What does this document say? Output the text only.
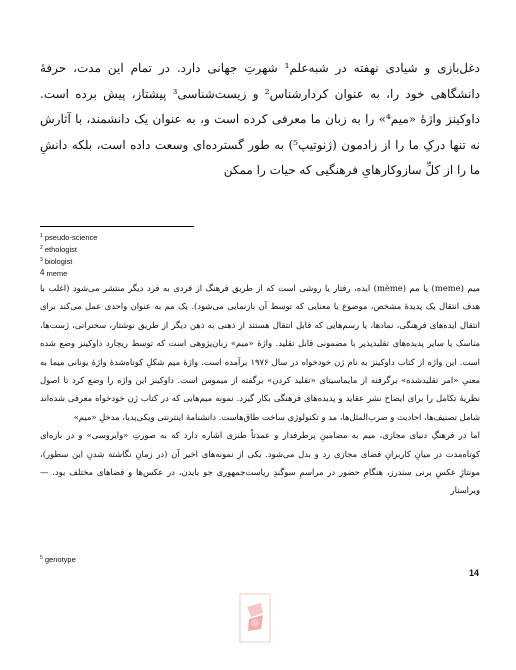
دغل‌بازی و شیادی نهفته در شبه‌علم¹ شهرتِ جهانی دارد. در تمام این مدت، حرفهٔ دانشگاهی خود را، به عنوان کردارشناس² و زیست‌شناسی³ پیشتاز، پیش برده است. داوکینز واژهٔ «میم⁴» را به زبان ما معرفی کرده است و، به عنوان یک دانشمند، با آثارش نه تنها درکِ ما را از زادمون (ژنوتیپ⁵) به طور گسترده‌ای وسعت داده است، بلکه دانشِ ما را از کلِّ سازوکارهایِ فرهنگیی که حیات را ممکن

$^1$ pseudo-science
$^2$ ethologist
$^3$ biologist
4 meme

میم (meme) یا مم (mème) ایده، رفتار یا روشی است که از طریق فرهنگ از فردی به فرد دیگر منتشر می‌شود (اغلب با هدف انتقال یک پدیدهٔ مشخص، موضوع یا معنایی که توسط آن بازنمایی می‌شود). یک مم به عنوان واحدی عمل می‌کند برای انتقال ایده‌های فرهنگی، نمادها، یا رسم‌هایی که قابل انتقال هستند از ذهنی به ذهن دیگر از طریق نوشتار، سخنرانی، ژست‌ها، مناسک یا سایر پدیده‌های تقلیدپذیر با مضمونی قابل تقلید. واژهٔ «میم» زبان‌پژوهی است که توسط ریچارد داوکینز وضع شده است. این واژه از کتاب داوکینز به نام ژن خودخواه در سال ۱۹۷۶ برآمده است. واژهٔ میم شکلِ کوتاه‌شدهٔ واژهٔ یونانی میما به معنیِ «امر تقلیدشده» برگرفته از مایماسیتای «تقلید کردن» برگفته از میموس است. داوکینز این واژه را وضع کرد تا اصول نظریهٔ تکامل را برای ایضاح نشر عقاید و پدیده‌های فرهنگی بکار گیرد. نمونه میم‌هایی که در کتاب ژن خودخواه معرفی شده‌اند شامل تصنیف‌ها، احادیث و ضرب‌المثل‌ها، مد و تکنولوژی ساخت طاق‌هاست. دانشنامهٔ اینترنتی ویکی‌پدیا، مدخلِ «میم»

اما در فرهنگِ دنیای مجازی، میم به مضامینِ پرطرفدار و عمدتاً طنزی اشاره دارد که به صورتِ «وایروسی» و در بازه‌ای کوتاه‌مدت در میانِ کاربرانِ فضای مجازی رد و بدل می‌شود. یکی از نمونه‌های اخیر آن (در زمانِ نگاشته شدنِ این سطور)، مونتاژِ عکسِ برنی سندرز، هنگامِ حضور در مراسمِ سوگندِ ریاست‌جمهوری جو بایدن، در عکس‌ها و فضاهای مختلف بود. —ویراستار

$^5$ genotype
14
